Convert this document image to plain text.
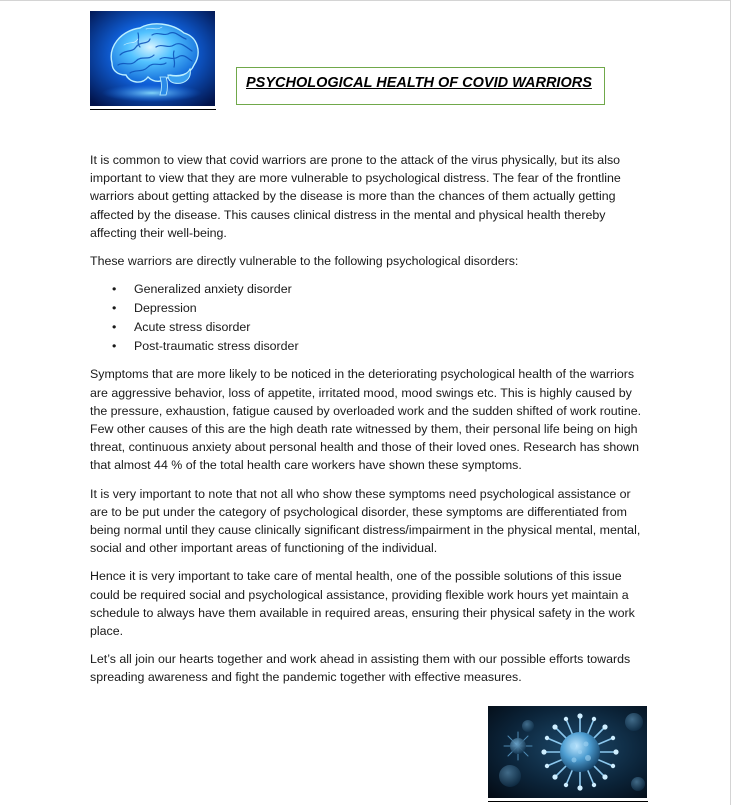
PSYCHOLOGICAL HEALTH OF COVID WARRIORS

It is common to view that covid warriors are prone to the attack of the virus physically, but its also important to view that they are more vulnerable to psychological distress. The fear of the frontline warriors about getting attacked by the disease is more than the chances of them actually getting affected by the disease. This causes clinical distress in the mental and physical health thereby affecting their well-being.

These warriors are directly vulnerable to the following psychological disorders:

• Generalized anxiety disorder
• Depression
• Acute stress disorder
• Post-traumatic stress disorder

Symptoms that are more likely to be noticed in the deteriorating psychological health of the warriors are aggressive behavior, loss of appetite, irritated mood, mood swings etc. This is highly caused by the pressure, exhaustion, fatigue caused by overloaded work and the sudden shifted of work routine. Few other causes of this are the high death rate witnessed by them, their personal life being on high threat, continuous anxiety about personal health and those of their loved ones. Research has shown that almost 44 % of the total health care workers have shown these symptoms.

It is very important to note that not all who show these symptoms need psychological assistance or are to be put under the category of psychological disorder, these symptoms are differentiated from being normal until they cause clinically significant distress/impairment in the physical mental, mental, social and other important areas of functioning of the individual.

Hence it is very important to take care of mental health, one of the possible solutions of this issue could be required social and psychological assistance, providing flexible work hours yet maintain a schedule to always have them available in required areas, ensuring their physical safety in the work place.

Let’s all join our hearts together and work ahead in assisting them with our possible efforts towards spreading awareness and fight the pandemic together with effective measures.
